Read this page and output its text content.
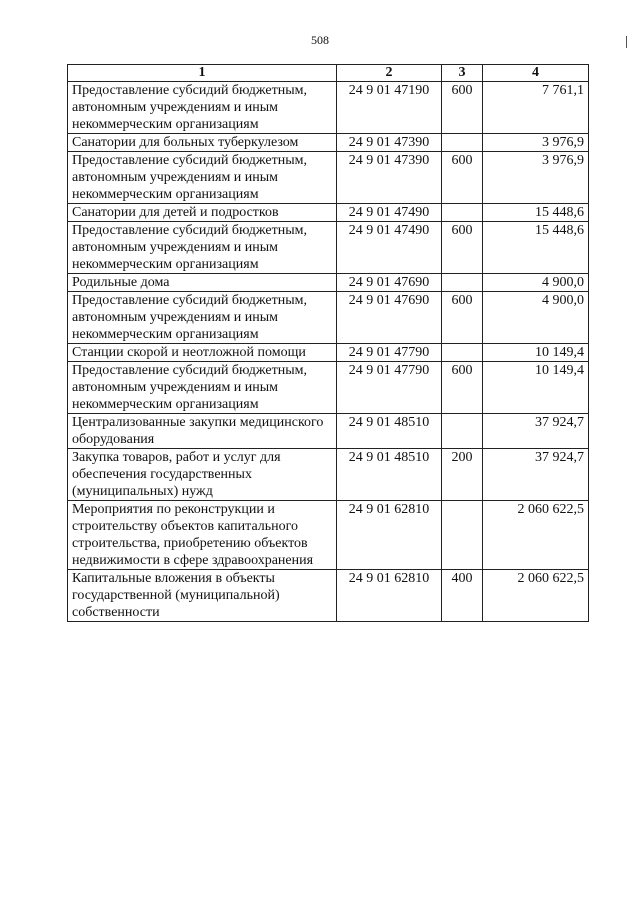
508
1	2	3	4
Предоставление субсидий бюджетным, автономным учреждениям и иным некоммерческим организациям	24 9 01 47190	600	7 761,1
Санатории для больных туберкулезом	24 9 01 47390		3 976,9
Предоставление субсидий бюджетным, автономным учреждениям и иным некоммерческим организациям	24 9 01 47390	600	3 976,9
Санатории для детей и подростков	24 9 01 47490		15 448,6
Предоставление субсидий бюджетным, автономным учреждениям и иным некоммерческим организациям	24 9 01 47490	600	15 448,6
Родильные дома	24 9 01 47690		4 900,0
Предоставление субсидий бюджетным, автономным учреждениям и иным некоммерческим организациям	24 9 01 47690	600	4 900,0
Станции скорой и неотложной помощи	24 9 01 47790		10 149,4
Предоставление субсидий бюджетным, автономным учреждениям и иным некоммерческим организациям	24 9 01 47790	600	10 149,4
Централизованные закупки медицинского оборудования	24 9 01 48510		37 924,7
Закупка товаров, работ и услуг для обеспечения государственных (муниципальных) нужд	24 9 01 48510	200	37 924,7
Мероприятия по реконструкции и строительству объектов капитального строительства, приобретению объектов недвижимости в сфере здравоохранения	24 9 01 62810		2 060 622,5
Капитальные вложения в объекты государственной (муниципальной) собственности	24 9 01 62810	400	2 060 622,5
